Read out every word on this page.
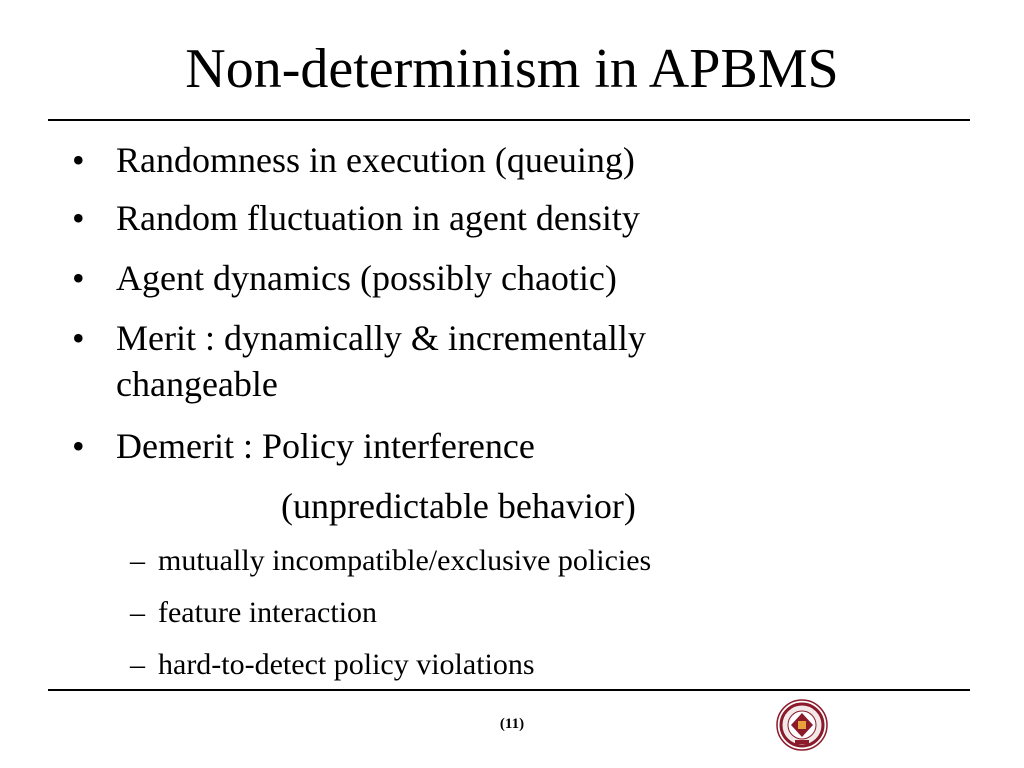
Non-determinism in APBMS
• Randomness in execution (queuing)
• Random fluctuation in agent density
• Agent dynamics (possibly chaotic)
• Merit : dynamically & incrementally
changeable
• Demerit : Policy interference
(unpredictable behavior)
– mutually incompatible/exclusive policies
– feature interaction
– hard-to-detect policy violations
(11)
